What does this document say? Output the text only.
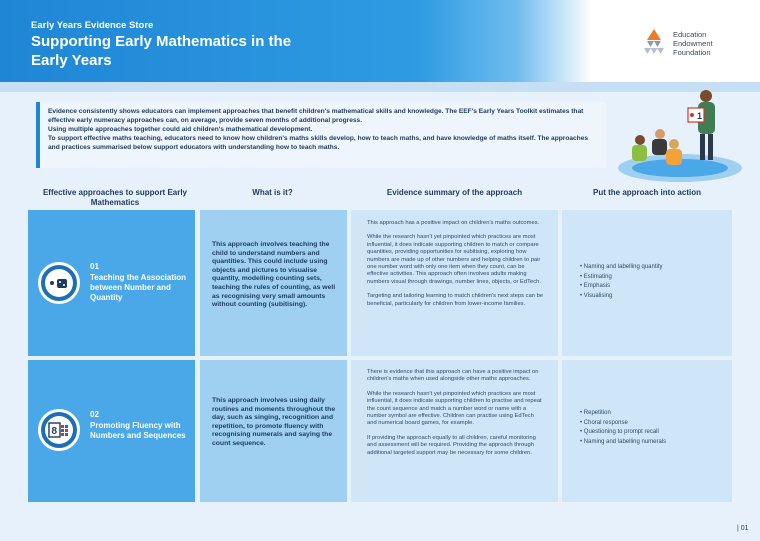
Early Years Evidence Store
Supporting Early Mathematics in the Early Years
Education
Endowment
Foundation

Evidence consistently shows educators can implement approaches that benefit children's mathematical skills and knowledge. The EEF's Early Years Toolkit estimates that effective early numeracy approaches can, on average, provide seven months of additional progress.

Using multiple approaches together could aid children's mathematical development.

To support effective maths teaching, educators need to know how children's maths skills develop, how to teach maths, and have knowledge of maths itself. The approaches and practices summarised below support educators with understanding how to teach maths.

1
Effective approaches to support Early Mathematics
What is it?	Evidence summary of the approach	Put the approach into action
01
Teaching the Association between Number and Quantity
This approach involves teaching the child to understand numbers and quantities. This could include using objects and pictures to visualise quantity, modelling counting sets, teaching the rules of counting, as well as recognising very small amounts without counting (subitising).

This approach has a positive impact on children's maths outcomes.

While the research hasn't yet pinpointed which practices are most influential, it does indicate supporting children to match or compare quantities, providing opportunities for subitising, exploring how numbers are made up of other numbers and helping children to pair one number word with only one item when they count, can be effective activities. This approach often involves adults making numbers visual through drawings, number lines, objects, or EdTech.

Targeting and tailoring learning to match children's next steps can be beneficial, particularly for children from lower-income families.

• Naming and labelling quantity
• Estimating
• Emphasis
• Visualising
8
02
Promoting Fluency with Numbers and Sequences
This approach involves using daily routines and moments throughout the day, such as singing, recognition and repetition, to promote fluency with recognising numerals and saying the count sequence.

There is evidence that this approach can have a positive impact on children's maths when used alongside other maths approaches.

While the research hasn't yet pinpointed which practices are most influential, it does indicate supporting children to practise and repeat the count sequence and match a number word or name with a number symbol are effective. Children can practise using EdTech and numerical board games, for example.

If providing the approach equally to all children, careful monitoring and assessment will be required. Providing the approach through additional targeted support may be necessary for some children.

• Repetition
• Choral response
• Questioning to prompt recall
• Naming and labelling numerals
| 01
